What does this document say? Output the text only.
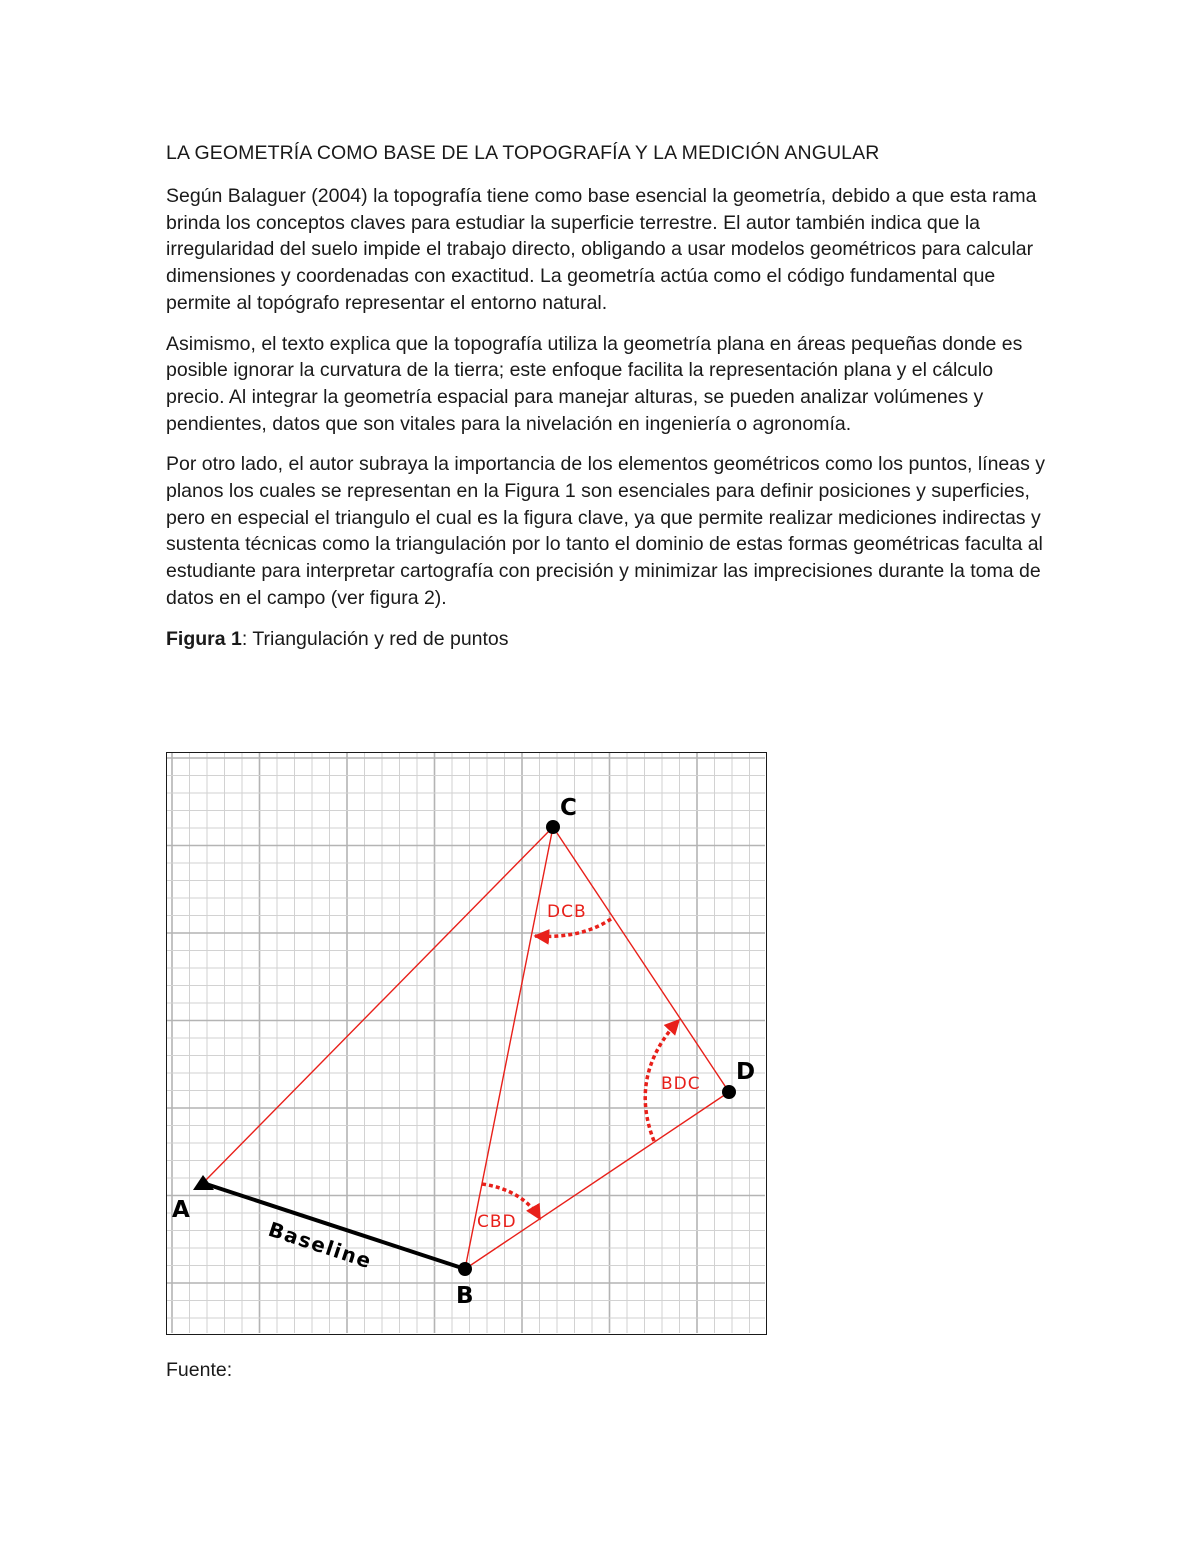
LA GEOMETRÍA COMO BASE DE LA TOPOGRAFÍA Y LA MEDICIÓN ANGULAR

Según Balaguer (2004) la topografía tiene como base esencial la geometría, debido a que esta rama brinda los conceptos claves para estudiar la superficie terrestre. El autor también indica que la irregularidad del suelo impide el trabajo directo, obligando a usar modelos geométricos para calcular dimensiones y coordenadas con exactitud. La geometría actúa como el código fundamental que permite al topógrafo representar el entorno natural.

Asimismo, el texto explica que la topografía utiliza la geometría plana en áreas pequeñas donde es posible ignorar la curvatura de la tierra; este enfoque facilita la representación plana y el cálculo precio. Al integrar la geometría espacial para manejar alturas, se pueden analizar volúmenes y pendientes, datos que son vitales para la nivelación en ingeniería o agronomía.

Por otro lado, el autor subraya la importancia de los elementos geométricos como los puntos, líneas y planos los cuales se representan en la Figura 1 son esenciales para definir posiciones y superficies, pero en especial el triangulo el cual es la figura clave, ya que permite realizar mediciones indirectas y sustenta técnicas como la triangulación por lo tanto el dominio de estas formas geométricas faculta al estudiante para interpretar cartografía con precisión y minimizar las imprecisiones durante la toma de datos en el campo (ver figura 2).

Figura 1: Triangulación y red de puntos

Baseline
DCB
BDC
CBD
A
B
C
D
Fuente:
